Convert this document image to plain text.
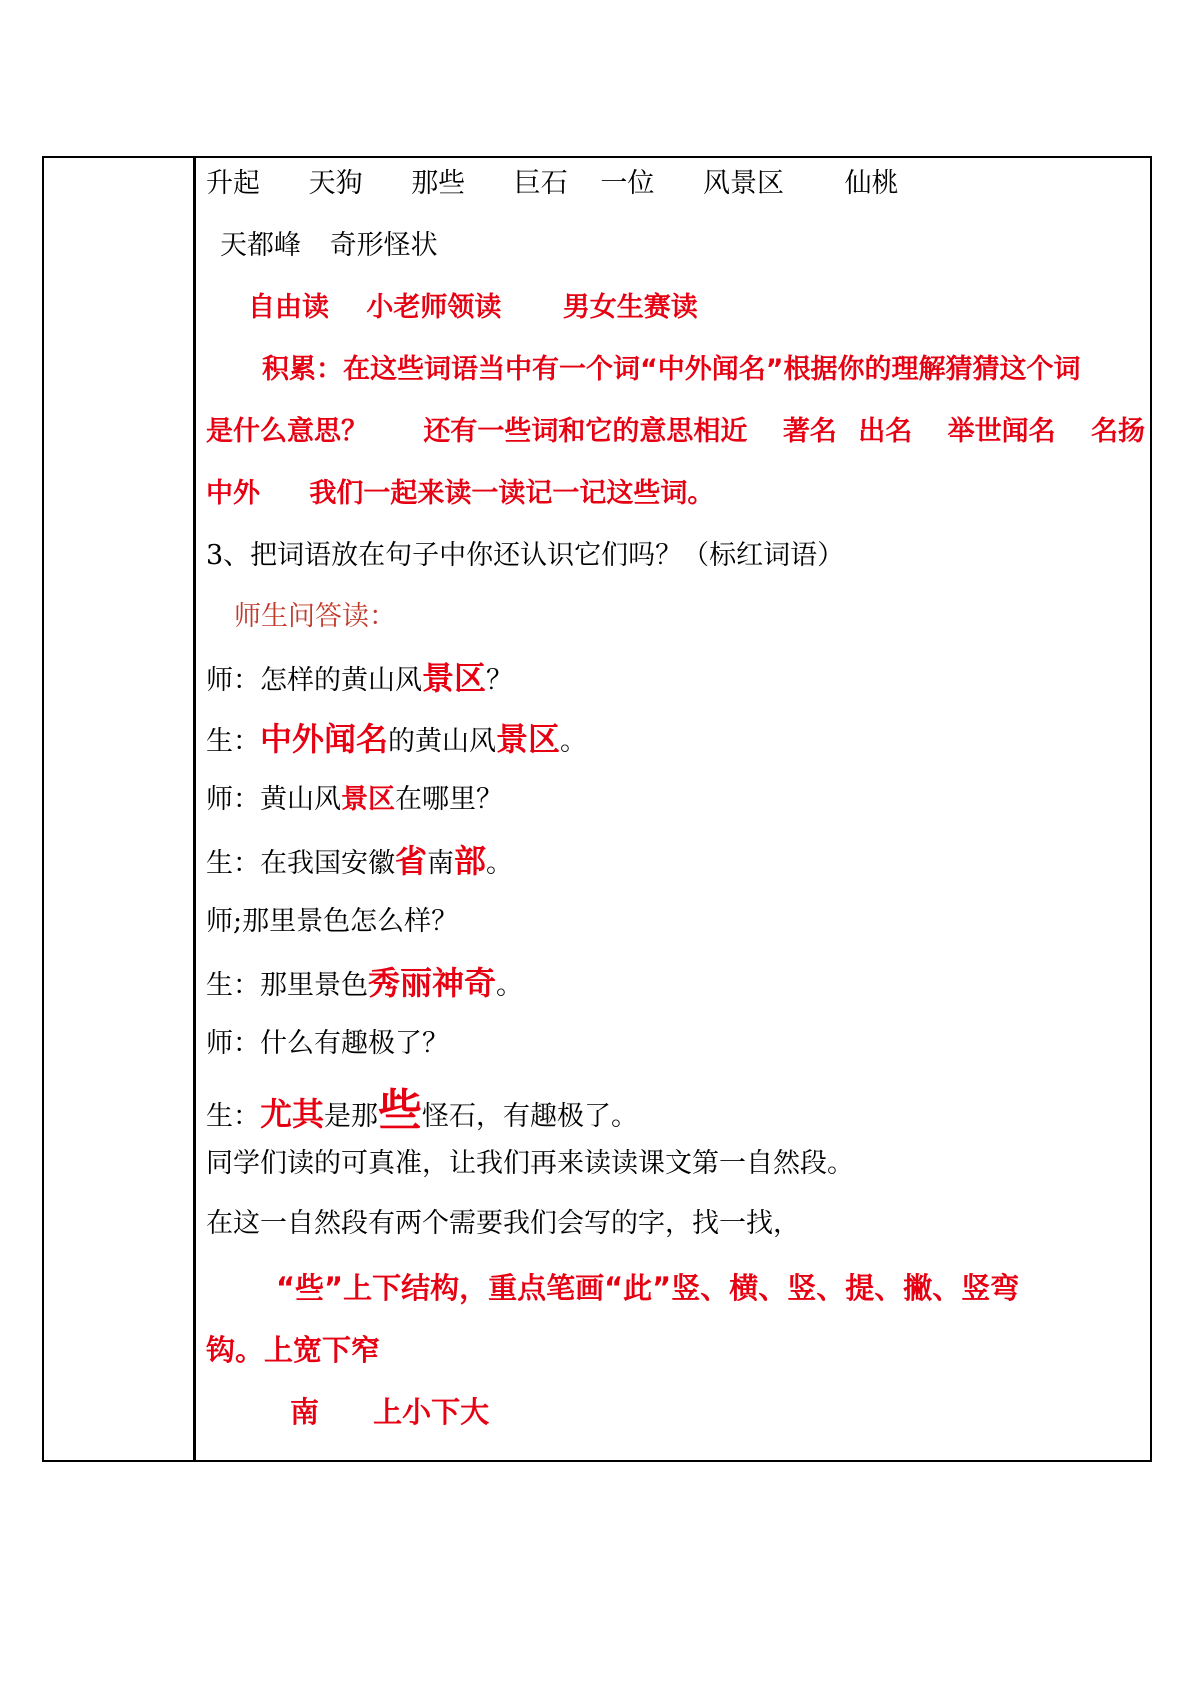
升起 天狗 那些 巨石 一位 风景区 仙桃
天都峰 奇形怪状
自由读 小老师领读 男女生赛读
积累：在这些词语当中有一个词“中外闻名”根据你的理解猜猜这个词
是什么意思？ 还有一些词和它的意思相近 著名 出名 举世闻名 名扬
中外 我们一起来读一读记一记这些词。
3、把词语放在句子中你还认识它们吗？（标红词语）
师生问答读：
师：怎样的黄山风景区？
生：中外闻名的黄山风景区。
师：黄山风景区在哪里？
生：在我国安徽省南部。
师;那里景色怎么样？
生：那里景色秀丽神奇。
师：什么有趣极了？
生：尤其是那些怪石，有趣极了。
同学们读的可真准，让我们再来读读课文第一自然段。
在这一自然段有两个需要我们会写的字，找一找，
“些”上下结构，重点笔画“此”竖、横、竖、提、撇、竖弯
钩。上宽下窄
南 上小下大
